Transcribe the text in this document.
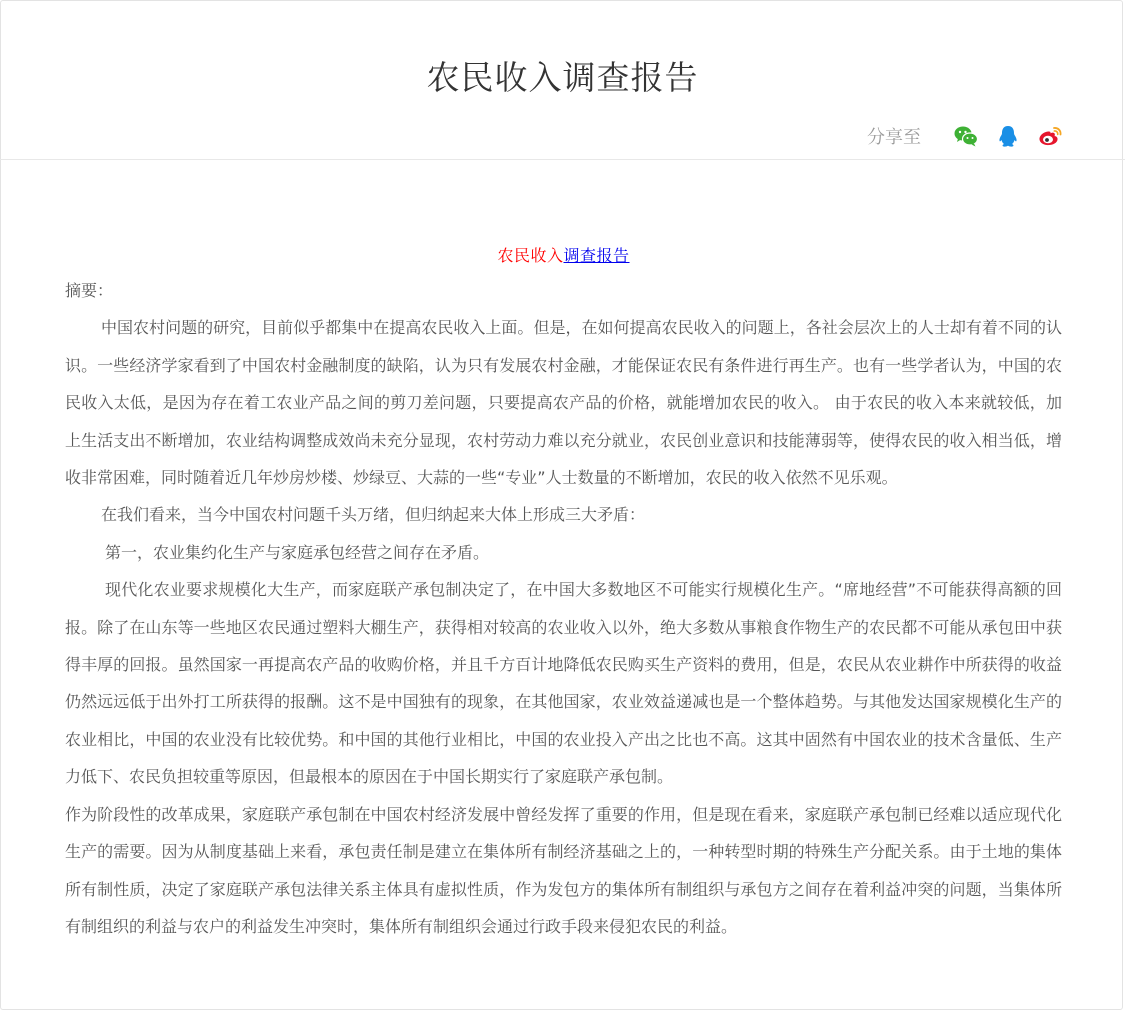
农民收入调查报告
分享至
农民收入调查报告

摘要：

中国农村问题的研究，目前似乎都集中在提高农民收入上面。但是，在如何提高农民收入的问题上，各社会层次上的人士却有着不同的认识。一些经济学家看到了中国农村金融制度的缺陷，认为只有发展农村金融，才能保证农民有条件进行再生产。也有一些学者认为，中国的农民收入太低，是因为存在着工农业产品之间的剪刀差问题，只要提高农产品的价格，就能增加农民的收入。 由于农民的收入本来就较低，加上生活支出不断增加，农业结构调整成效尚未充分显现，农村劳动力难以充分就业，农民创业意识和技能薄弱等，使得农民的收入相当低，增收非常困难，同时随着近几年炒房炒楼、炒绿豆、大蒜的一些“专业”人士数量的不断增加，农民的收入依然不见乐观。

在我们看来，当今中国农村问题千头万绪，但归纳起来大体上形成三大矛盾：

第一，农业集约化生产与家庭承包经营之间存在矛盾。

现代化农业要求规模化大生产，而家庭联产承包制决定了，在中国大多数地区不可能实行规模化生产。“席地经营”不可能获得高额的回报。除了在山东等一些地区农民通过塑料大棚生产，获得相对较高的农业收入以外，绝大多数从事粮食作物生产的农民都不可能从承包田中获得丰厚的回报。虽然国家一再提高农产品的收购价格，并且千方百计地降低农民购买生产资料的费用，但是，农民从农业耕作中所获得的收益仍然远远低于出外打工所获得的报酬。这不是中国独有的现象，在其他国家，农业效益递减也是一个整体趋势。与其他发达国家规模化生产的农业相比，中国的农业没有比较优势。和中国的其他行业相比，中国的农业投入产出之比也不高。这其中固然有中国农业的技术含量低、生产力低下、农民负担较重等原因，但最根本的原因在于中国长期实行了家庭联产承包制。

作为阶段性的改革成果，家庭联产承包制在中国农村经济发展中曾经发挥了重要的作用，但是现在看来，家庭联产承包制已经难以适应现代化生产的需要。因为从制度基础上来看，承包责任制是建立在集体所有制经济基础之上的，一种转型时期的特殊生产分配关系。由于土地的集体所有制性质，决定了家庭联产承包法律关系主体具有虚拟性质，作为发包方的集体所有制组织与承包方之间存在着利益冲突的问题，当集体所有制组织的利益与农户的利益发生冲突时，集体所有制组织会通过行政手段来侵犯农民的利益。
